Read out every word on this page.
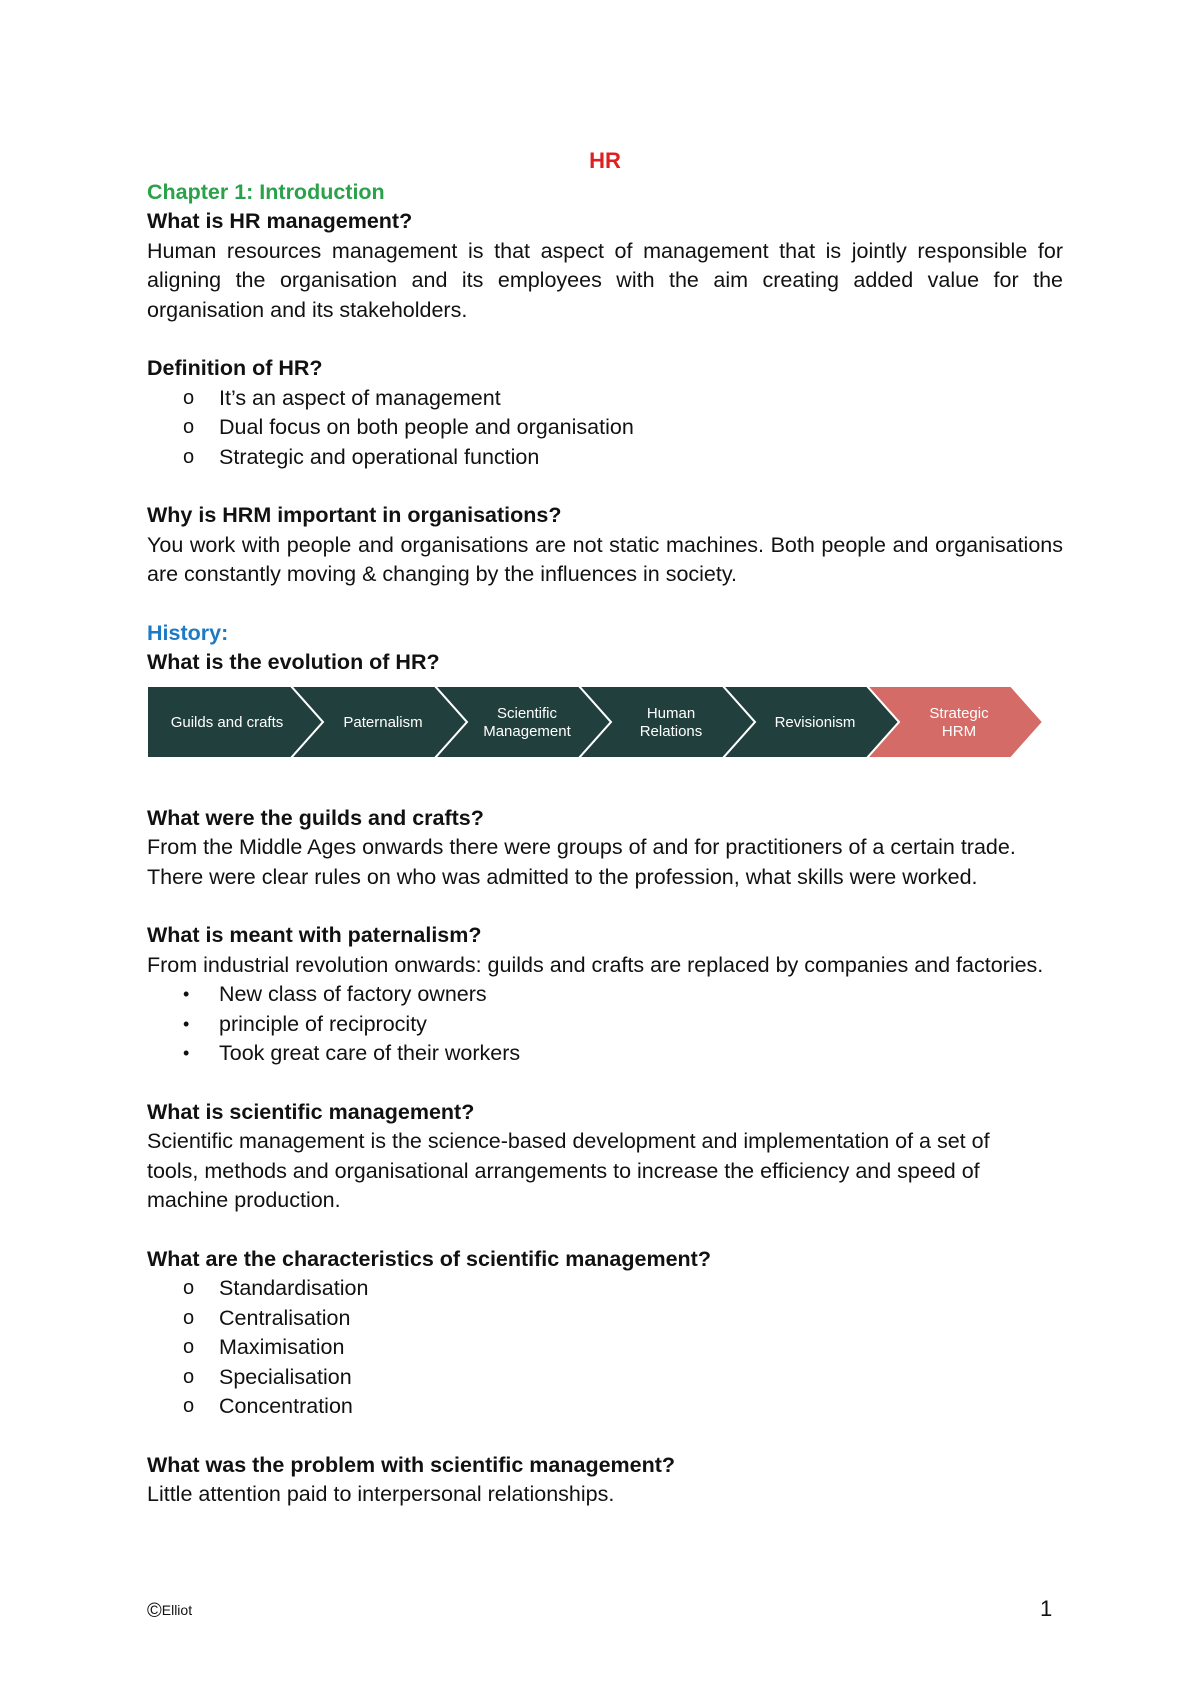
HR
Chapter 1: Introduction
What is HR management?

Human resources management is that aspect of management that is jointly responsible for aligning the organisation and its employees with the aim creating added value for the organisation and its stakeholders.

Definition of HR?
o It’s an aspect of management
o Dual focus on both people and organisation
o Strategic and operational function
Why is HRM important in organisations?

You work with people and organisations are not static machines. Both people and organisations are constantly moving & changing by the influences in society.

History:
What is the evolution of HR?
Guilds and crafts	Paternalism
Scientific Management
Human Relations
Revisionism
Strategic HRM
What were the guilds and crafts?
From the Middle Ages onwards there were groups of and for practitioners of a certain trade.
There were clear rules on who was admitted to the profession, what skills were worked.
What is meant with paternalism?

From industrial revolution onwards: guilds and crafts are replaced by companies and factories.

• New class of factory owners
• principle of reciprocity
• Took great care of their workers
What is scientific management?
Scientific management is the science-based development and implementation of a set of
tools, methods and organisational arrangements to increase the efficiency and speed of
machine production.
What are the characteristics of scientific management?
o Standardisation
o Centralisation
o Maximisation
o Specialisation
o Concentration
What was the problem with scientific management?
Little attention paid to interpersonal relationships.
©Elliot	1
